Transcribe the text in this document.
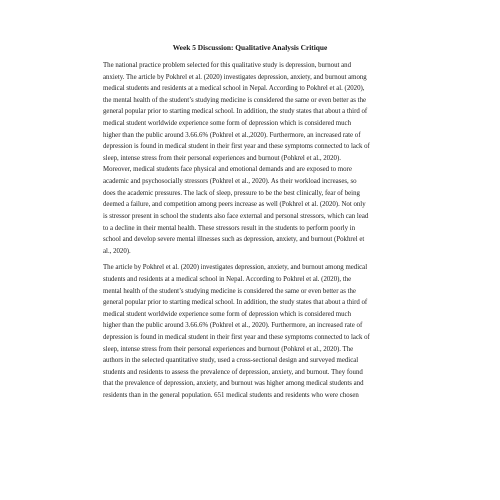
Week 5 Discussion: Qualitative Analysis Critique

The national practice problem selected for this qualitative study is depression, burnout and
anxiety. The article by Pokhrel et al. (2020) investigates depression, anxiety, and burnout among
medical students and residents at a medical school in Nepal. According to Pokhrel et al. (2020),
the mental health of the student’s studying medicine is considered the same or even better as the
general popular prior to starting medical school. In addition, the study states that about a third of
medical student worldwide experience some form of depression which is considered much
higher than the public around 3.66.6% (Pokhrel et al.,2020). Furthermore, an increased rate of
depression is found in medical student in their first year and these symptoms connected to lack of
sleep, intense stress from their personal experiences and burnout (Pohkrel et al., 2020).
Moreover, medical students face physical and emotional demands and are exposed to more
academic and psychosocially stressors (Pokhrel et al., 2020). As their workload increases, so
does the academic pressures. The lack of sleep, pressure to be the best clinically, fear of being
deemed a failure, and competition among peers increase as well (Pokhrel et al. (2020). Not only
is stressor present in school the students also face external and personal stressors, which can lead
to a decline in their mental health. These stressors result in the students to perform poorly in
school and develop severe mental illnesses such as depression, anxiety, and burnout (Pokhrel et
al., 2020).

The article by Pokhrel et al. (2020) investigates depression, anxiety, and burnout among medical
students and residents at a medical school in Nepal. According to Pokhrel et al. (2020), the
mental health of the student’s studying medicine is considered the same or even better as the
general popular prior to starting medical school. In addition, the study states that about a third of
medical student worldwide experience some form of depression which is considered much
higher than the public around 3.66.6% (Pokhrel et al., 2020). Furthermore, an increased rate of
depression is found in medical student in their first year and these symptoms connected to lack of
sleep, intense stress from their personal experiences and burnout (Pohkrel et al., 2020). The
authors in the selected quantitative study, used a cross-sectional design and surveyed medical
students and residents to assess the prevalence of depression, anxiety, and burnout. They found
that the prevalence of depression, anxiety, and burnout was higher among medical students and
residents than in the general population. 651 medical students and residents who were chosen
